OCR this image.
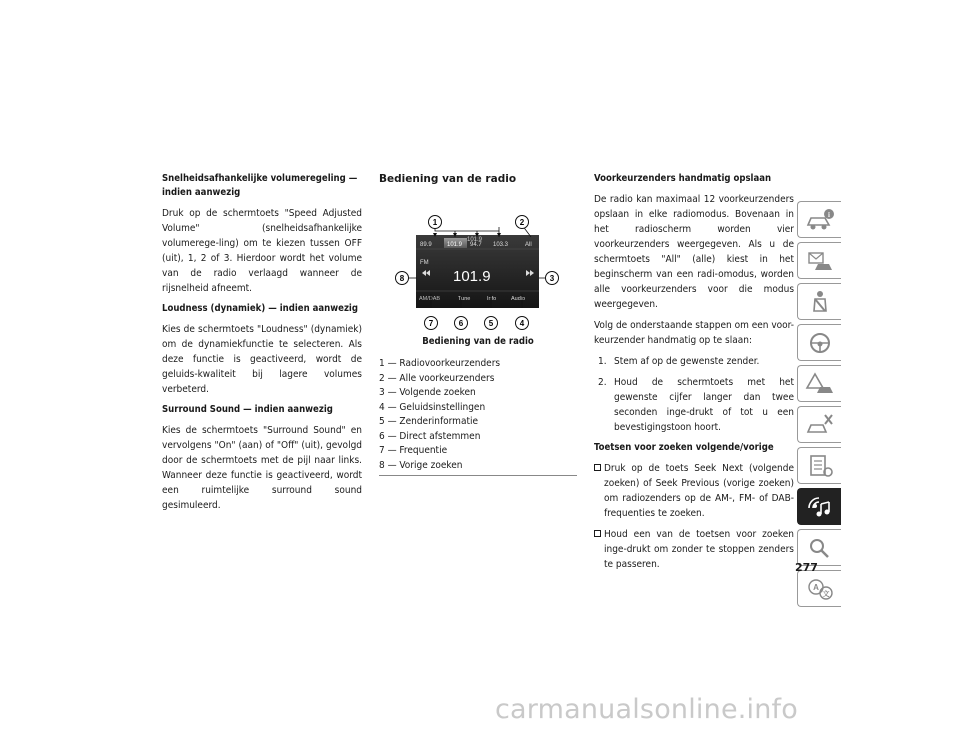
Snelheidsafhankelijke volumeregeling — indien aanwezig
Druk op de schermtoets "Speed Adjusted Volume" (snelheidsafhankelijke volumerege-ling) om te kiezen tussen OFF (uit), 1, 2 of 3. Hierdoor wordt het volume van de radio verlaagd wanneer de rijsnelheid afneemt.
Loudness (dynamiek) — indien aanwezig
Kies de schermtoets "Loudness" (dynamiek) om de dynamiekfunctie te selecteren. Als deze functie is geactiveerd, wordt de geluids-kwaliteit bij lagere volumes verbeterd.
Surround Sound — indien aanwezig
Kies de schermtoets "Surround Sound" en vervolgens "On" (aan) of "Off" (uit), gevolgd door de schermtoets met de pijl naar links. Wanneer deze functie is geactiveerd, wordt een ruimtelijke surround sound gesimuleerd.
Bediening van de radio
89.9	101.9 94.7 103.3	All
101.9
FM
101.9
AM/DAB	Tune	Info	Audio
1	2
3
4
5
6
7
8
Bediening van de radio
1 — Radiovoorkeurzenders
2 — Alle voorkeurzenders
3 — Volgende zoeken
4 — Geluidsinstellingen
5 — Zenderinformatie
6 — Direct afstemmen
7 — Frequentie
8 — Vorige zoeken
Voorkeurzenders handmatig opslaan
De radio kan maximaal 12 voorkeurzenders opslaan in elke radiomodus. Bovenaan in het radioscherm worden vier voorkeurzenders weergegeven. Als u de schermtoets "All" (alle) kiest in het beginscherm van een radi-omodus, worden alle voorkeurzenders voor die modus weergegeven.
Volg de onderstaande stappen om een voor-keurzender handmatig op te slaan:
1. Stem af op de gewenste zender.
2. Houd de schermtoets met het gewenste cijfer langer dan twee seconden inge-drukt of tot u een bevestigingstoon hoort.
Toetsen voor zoeken volgende/vorige
Druk op de toets Seek Next (volgende zoeken) of Seek Previous (vorige zoeken) om radiozenders op de AM-, FM- of DAB-frequenties te zoeken.
Houd een van de toetsen voor zoeken inge-drukt om zonder te stoppen zenders te passeren.
i
A
文
277
carmanualsonline.info
